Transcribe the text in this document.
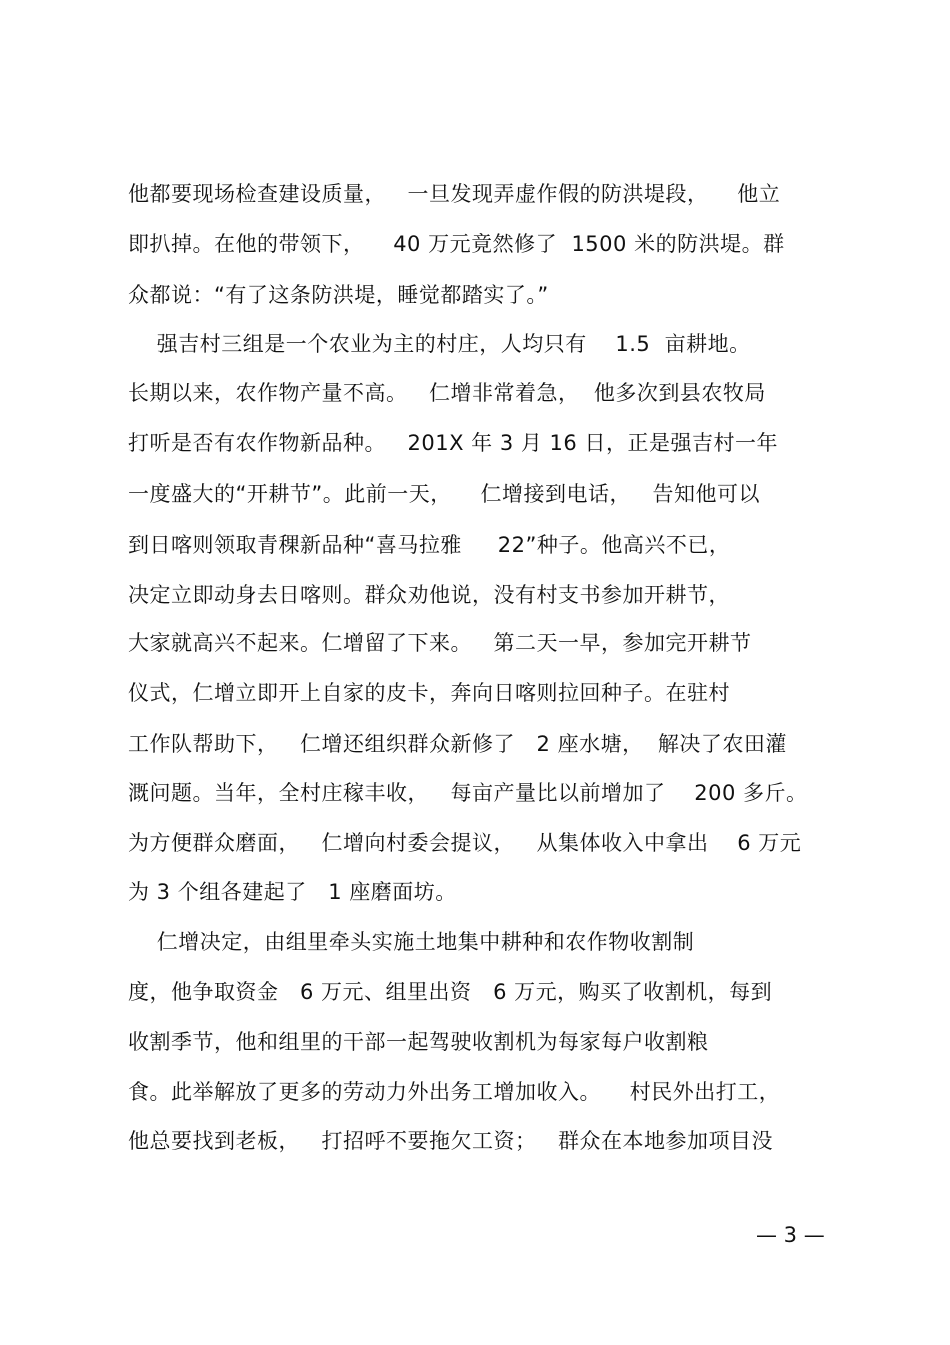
他都要现场检查建设质量，   一旦发现弄虚作假的防洪堤段，    他立
即扒掉。在他的带领下，    40 万元竟然修了  1500 米的防洪堤。群
众都说：“有了这条防洪堤，睡觉都踏实了。”
强吉村三组是一个农业为主的村庄，人均只有    1.5  亩耕地。
长期以来，农作物产量不高。   仁增非常着急，  他多次到县农牧局
打听是否有农作物新品种。   201X 年 3 月 16 日，正是强吉村一年
一度盛大的“开耕节”。此前一天，    仁增接到电话，   告知他可以
到日喀则领取青稞新品种“喜马拉雅     22”种子。他高兴不已，
决定立即动身去日喀则。群众劝他说，没有村支书参加开耕节，
大家就高兴不起来。仁增留了下来。   第二天一早，参加完开耕节
仪式，仁增立即开上自家的皮卡，奔向日喀则拉回种子。在驻村
工作队帮助下，   仁增还组织群众新修了   2 座水塘，  解决了农田灌
溉问题。当年，全村庄稼丰收，   每亩产量比以前增加了    200 多斤。
为方便群众磨面，   仁增向村委会提议，   从集体收入中拿出    6 万元
为 3 个组各建起了   1 座磨面坊。
仁增决定，由组里牵头实施土地集中耕种和农作物收割制
度，他争取资金   6 万元、组里出资   6 万元，购买了收割机，每到
收割季节，他和组里的干部一起驾驶收割机为每家每户收割粮
食。此举解放了更多的劳动力外出务工增加收入。    村民外出打工，
他总要找到老板，   打招呼不要拖欠工资；   群众在本地参加项目没
— 3 —
